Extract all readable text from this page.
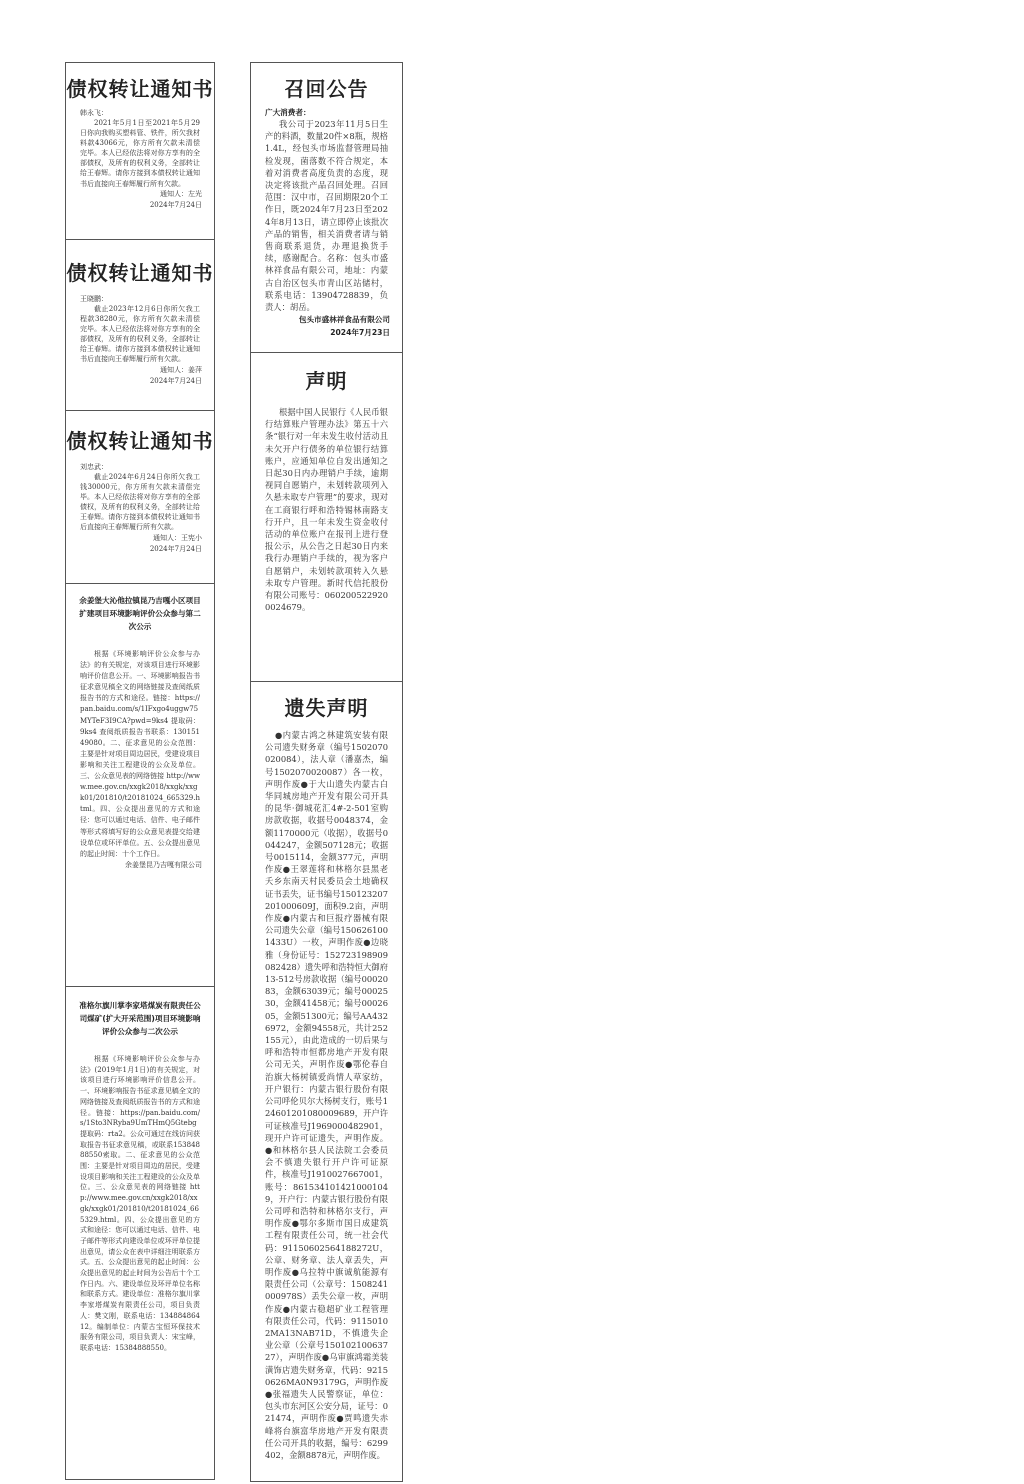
债权转让通知书
韩永飞：
2021年5月1日至2021年5月29日你向我购买塑料管、铁件，所欠我材料款43066元，你方所有欠款未清偿完毕。本人已经依法将对你方享有的全部债权，及所有的权利义务，全部转让给王春辉。请你方接到本债权转让通知书后直接向王春辉履行所有欠款。
通知人：左光
2024年7月24日
债权转让通知书
王晓鹏：
截止2023年12月6日你所欠我工程款38280元，你方所有欠款未清偿完毕。本人已经依法将对你方享有的全部债权，及所有的权利义务，全部转让给王春辉。请你方接到本债权转让通知书后直接向王春辉履行所有欠款。
通知人：姜萍
2024年7月24日
债权转让通知书
刘忠武：
截止2024年6月24日你所欠我工钱30000元，你方所有欠款未清偿完毕。本人已经依法将对你方享有的全部债权，及所有的权利义务，全部转让给王春辉。请你方接到本债权转让通知书后直接向王春辉履行所有欠款。
通知人：王宪小
2024年7月24日
余姜堡大沁他拉镇昆乃吉嘎小区项目扩建项目环境影响评价公众参与第二次公示
根据《环境影响评价公众参与办法》的有关规定，对该项目进行环境影响评价信息公开。一、环境影响报告书征求意见稿全文的网络链接及查阅纸质报告书的方式和途径。链接：https://pan.baidu.com/s/1IFxgo4uggw75MYTeF3I9CA?pwd=9ks4 提取码：9ks4 查阅纸质报告书联系：13015149080。二、征求意见的公众范围：主要是针对项目周边居民，受建设项目影响和关注工程建设的公众及单位。三、公众意见表的网络链接 http://www.mee.gov.cn/xxgk2018/xxgk/xxgk01/201810/t20181024_665329.html。四、公众提出意见的方式和途径：您可以通过电话、信件、电子邮件等形式将填写好的公众意见表提交给建设单位或环评单位。五、公众提出意见的起止时间：十个工作日。
余姜堡昆乃吉嘎有限公司
准格尔旗川掌李家塔煤炭有限责任公司煤矿(扩大开采范围)项目环境影响评价公众参与二次公示
根据《环境影响评价公众参与办法》(2019年1月1日)的有关规定，对该项目进行环境影响评价信息公开。一、环境影响报告书征求意见稿全文的网络链接及查阅纸质报告书的方式和途径。链接：https://pan.baidu.com/s/1Sto3NRyba9UmTHmQ5Gtebg 提取码：rta2。公众可通过在线访问获取报告书征求意见稿，或联系15384888550索取。二、征求意见的公众范围：主要是针对项目周边的居民，受建设项目影响和关注工程建设的公众及单位。三、公众意见表的网络链接 http://www.mee.gov.cn/xxgk2018/xxgk/xxgk01/201810/t20181024_665329.html。四、公众提出意见的方式和途径：您可以通过电话、信件、电子邮件等形式向建设单位或环评单位提出意见，请公众在表中详细注明联系方式。五、公众提出意见的起止时间：公众提出意见的起止时间为公告后十个工作日内。六、建设单位及环评单位名称和联系方式。建设单位：准格尔旗川掌李家塔煤炭有限责任公司，项目负责人：樊文刚，联系电话：13488486412。编制单位：内蒙古宝恒环保技术服务有限公司，项目负责人：宋宝峰，联系电话：15384888550。
召回公告
广大消费者：
我公司于2023年11月5日生产的料酒，数量20件×8瓶，规格1.4L，经包头市场监督管理局抽检发现，菌落数不符合规定，本着对消费者高度负责的态度，现决定将该批产品召回处理。召回范围：汉中市，召回期限20个工作日，既2024年7月23日至2024年8月13日，请立即停止该批次产品的销售，相关消费者请与销售商联系退货，办理退换货手续，感谢配合。名称：包头市盛林祥食品有限公司，地址：内蒙古自治区包头市青山区站储村，联系电话：13904728839，负责人：胡岳。
包头市盛林祥食品有限公司
2024年7月23日
声明
根据中国人民银行《人民币银行结算账户管理办法》第五十六条“银行对一年未发生收付活动且未欠开户行债务的单位银行结算账户，应通知单位自发出通知之日起30日内办理销户手续，逾期视同自愿销户，未划转款项列入久悬未取专户管理”的要求，现对在工商银行呼和浩特锡林南路支行开户，且一年未发生资金收付活动的单位账户在报刊上进行登报公示，从公告之日起30日内来我行办理销户手续的，视为客户自愿销户，未划转款项转入久悬未取专户管理。新时代信托股份有限公司账号：0602005229200024679。
遗失声明
●内蒙古鸿之林建筑安装有限公司遗失财务章（编号1502070020084），法人章（潘嘉杰，编号1502070020087）各一枚，声明作废●于大山遗失内蒙古白华同城房地产开发有限公司开具的昆华·御城花汇4#-2-501室购房款收据，收据号0048374，金额1170000元（收据），收据号0044247，金额507128元；收据号0015114，金额377元，声明作废●王翠莲将和林格尔县黑老夭乡东南天村民委员会土地确权证书丢失，证书编号150123207201000609J，面积9.2亩，声明作废●内蒙古和巨报疗器械有限公司遗失公章（编号1506261001433U）一枚，声明作废●边晓雅（身份证号：152723198909082428）遗失呼和浩特恒大御府13-512号房款收据（编号0002083，金额63039元；编号0002530，金额41458元；编号0002605，金额51300元；编号AA4326972，金额94558元，共计252155元），由此造成的一切后果与呼和浩特市恒都房地产开发有限公司无关，声明作废●鄂伦春自治旗大杨树镇爱尚情人草家纺，开户银行：内蒙古银行股份有限公司呼伦贝尔大杨树支行，账号124601201080009689，开户许可证核准号J1969000482901，现开户许可证遗失，声明作废。●和林格尔县人民法院工会委员会不慎遗失银行开户许可证原件，核准号J1910027667001，账号：8615341014210001049，开户行：内蒙古银行股份有限公司呼和浩特和林格尔支行，声明作废●鄂尔多斯市国日成建筑工程有限责任公司，统一社会代码：91150602564188272U，公章、财务章、法人章丢失，声明作废●乌拉特中旗诚航能源有限责任公司（公章号：1508241000978S）丢失公章一枚，声明作废●内蒙古稳超矿业工程管理有限责任公司，代码：91150102MA13NAB71D，不慎遗失企业公章（公章号15010210063727），声明作废●乌审旗鸿霜美装潢饰店遗失财务章，代码：92150626MA0N93179G，声明作废●张福遗失人民警察证，单位：包头市东河区公安分局，证号：021474，声明作废●贾鸣遗失赤峰将台旗富华房地产开发有限责任公司开具的收据，编号：6299402，金额8878元，声明作废。
